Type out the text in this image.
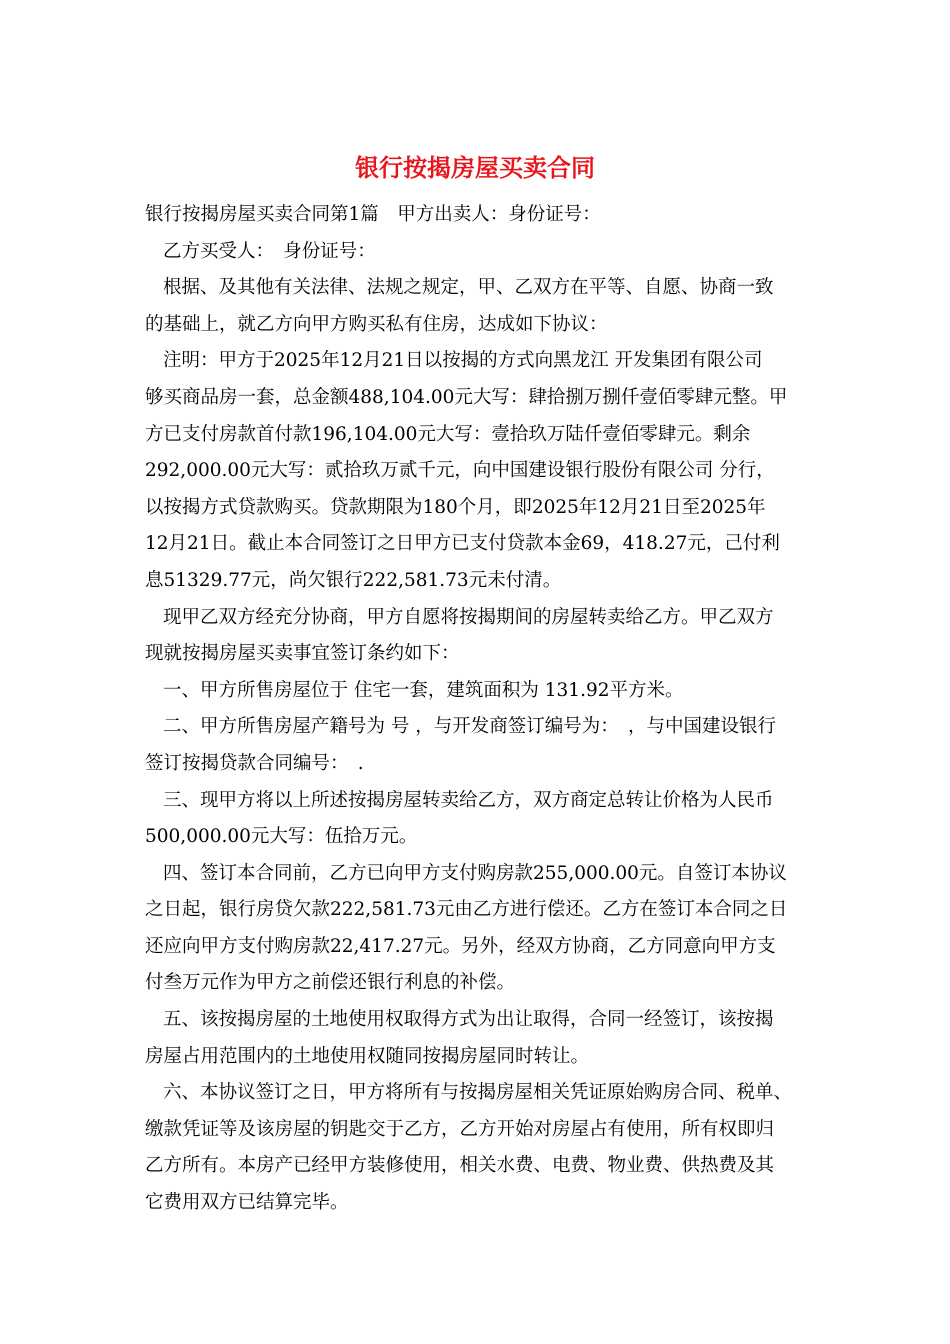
银行按揭房屋买卖合同
银行按揭房屋买卖合同第1篇　甲方出卖人：身份证号：
乙方买受人：　身份证号：
根据、及其他有关法律、法规之规定，甲、乙双方在平等、自愿、协商一致
的基础上，就乙方向甲方购买私有住房，达成如下协议：
注明：甲方于2025年12月21日以按揭的方式向黑龙江 开发集团有限公司
够买商品房一套，总金额488,104.00元大写：肆拾捌万捌仟壹佰零肆元整。甲
方已支付房款首付款196,104.00元大写：壹拾玖万陆仟壹佰零肆元。剩余
292,000.00元大写：贰拾玖万贰千元，向中国建设银行股份有限公司 分行，
以按揭方式贷款购买。贷款期限为180个月，即2025年12月21日至2025年
12月21日。截止本合同签订之日甲方已支付贷款本金69，418.27元，己付利
息51329.77元，尚欠银行222,581.73元未付清。
现甲乙双方经充分协商，甲方自愿将按揭期间的房屋转卖给乙方。甲乙双方
现就按揭房屋买卖事宜签订条约如下：
一、甲方所售房屋位于 住宅一套，建筑面积为 131.92平方米。
二、甲方所售房屋产籍号为 号 ，与开发商签订编号为：　，与中国建设银行
签订按揭贷款合同编号：　.
三、现甲方将以上所述按揭房屋转卖给乙方，双方商定总转让价格为人民币
500,000.00元大写：伍拾万元。
四、签订本合同前，乙方已向甲方支付购房款255,000.00元。自签订本协议
之日起，银行房贷欠款222,581.73元由乙方进行偿还。乙方在签订本合同之日
还应向甲方支付购房款22,417.27元。另外，经双方协商，乙方同意向甲方支
付叁万元作为甲方之前偿还银行利息的补偿。
五、该按揭房屋的土地使用权取得方式为出让取得，合同一经签订，该按揭
房屋占用范围内的土地使用权随同按揭房屋同时转让。
六、本协议签订之日，甲方将所有与按揭房屋相关凭证原始购房合同、税单、
缴款凭证等及该房屋的钥匙交于乙方，乙方开始对房屋占有使用，所有权即归
乙方所有。本房产已经甲方装修使用，相关水费、电费、物业费、供热费及其
它费用双方已结算完毕。
